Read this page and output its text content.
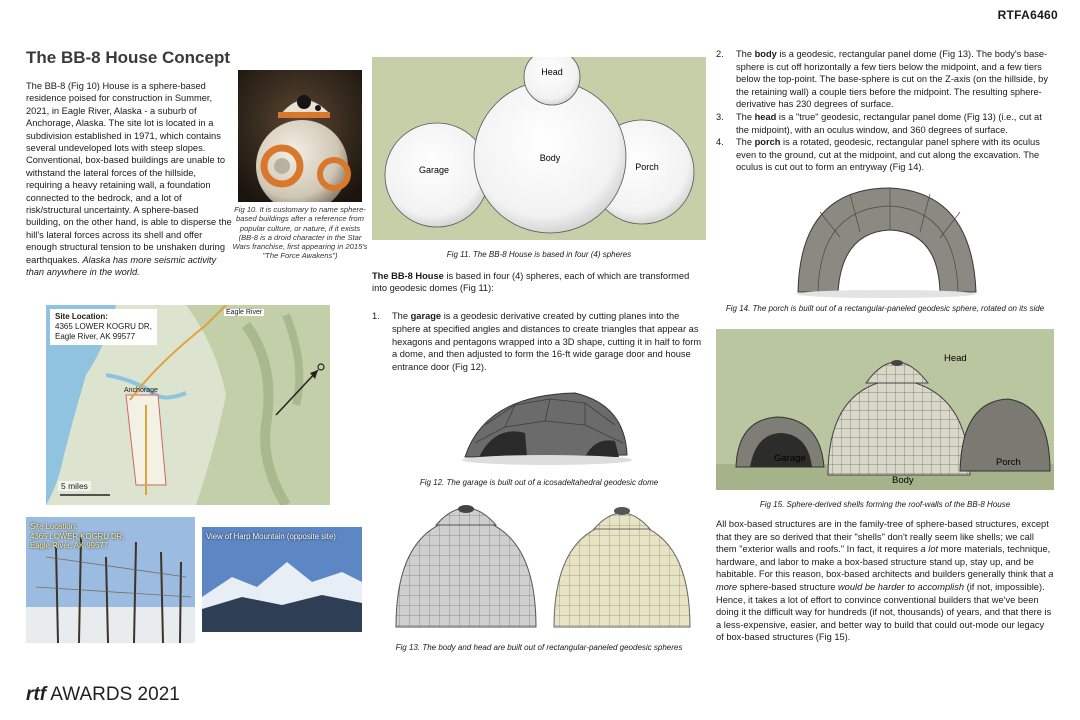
RTFA6460
The BB-8 House Concept

The BB-8 (Fig 10) House is a sphere-based residence poised for construction in Summer, 2021, in Eagle River, Alaska - a suburb of Anchorage, Alaska. The site lot is located in a subdivision established in 1971, which contains several undeveloped lots with steep slopes. Conventional, box-based buildings are unable to withstand the lateral forces of the hillside, requiring a heavy retaining wall, a foundation connected to the bedrock, and a lot of risk/structural uncertainty. A sphere-based building, on the other hand, is able to disperse the hill's lateral forces across its shell and offer enough structural tension to be unshaken during earthquakes. Alaska has more seismic activity than anywhere in the world.

Fig 10. It is customary to name sphere-based buildings after a reference from popular culture, or nature, if it exists (BB-8 is a droid character in the Star Wars franchise, first appearing in 2015's "The Force Awakens")

Site Location:
4365 LOWER KOGRU DR,
Eagle River, AK 99577
Eagle River
Anchorage
5 miles
Site Location:
4365 LOWER KOGRU DR,
Eagle River, AK 99577
View of Harp Mountain (opposite site)
rtf AWARDS 2021
Head
Garage
Body
Porch

Fig 11. The BB-8 House is based in four (4) spheres

The BB-8 House is based in four (4) spheres, each of which are transformed into geodesic domes (Fig 11):

1.	The garage is a geodesic derivative created by cutting planes into the sphere at specified angles and distances to create triangles that appear as hexagons and pentagons wrapped into a 3D shape, cutting it in half to form a dome, and then adjusted to form the 16-ft wide garage door and house entrance door (Fig 12).

Fig 12. The garage is built out of a icosadeltahedral geodesic dome

Fig 13. The body and head are built out of rectangular-paneled geodesic spheres

2.	The body is a geodesic, rectangular panel dome (Fig 13). The body's base-sphere is cut off horizontally a few tiers below the midpoint, and a few tiers below the top-point. The base-sphere is cut on the Z-axis (on the hillside, by the retaining wall) a couple tiers before the midpoint. The resulting sphere-derivative has 230 degrees of surface.
3.	The head is a "true" geodesic, rectangular panel dome (Fig 13) (i.e., cut at the midpoint), with an oculus window, and 360 degrees of surface.
4.	The porch is a rotated, geodesic, rectangular panel sphere with its oculus even to the ground, cut at the midpoint, and cut along the excavation. The oculus is cut out to form an entryway (Fig 14).

Fig 14. The porch is built out of a rectangular-paneled geodesic sphere, rotated on its side

Head
Garage
Body
Porch

Fig 15. Sphere-derived shells forming the roof-walls of the BB-8 House

All box-based structures are in the family-tree of sphere-based structures, except that they are so derived that their "shells" don't really seem like shells; we call them "exterior walls and roofs." In fact, it requires a lot more materials, technique, hardware, and labor to make a box-based structure stand up, stay up, and be habitable. For this reason, box-based architects and builders generally think that a more sphere-based structure would be harder to accomplish (if not, impossible). Hence, it takes a lot of effort to convince conventional builders that we've been doing it the difficult way for hundreds (if not, thousands) of years, and that there is a less-expensive, easier, and better way to build that could out-mode our legacy of box-based structures (Fig 15).
